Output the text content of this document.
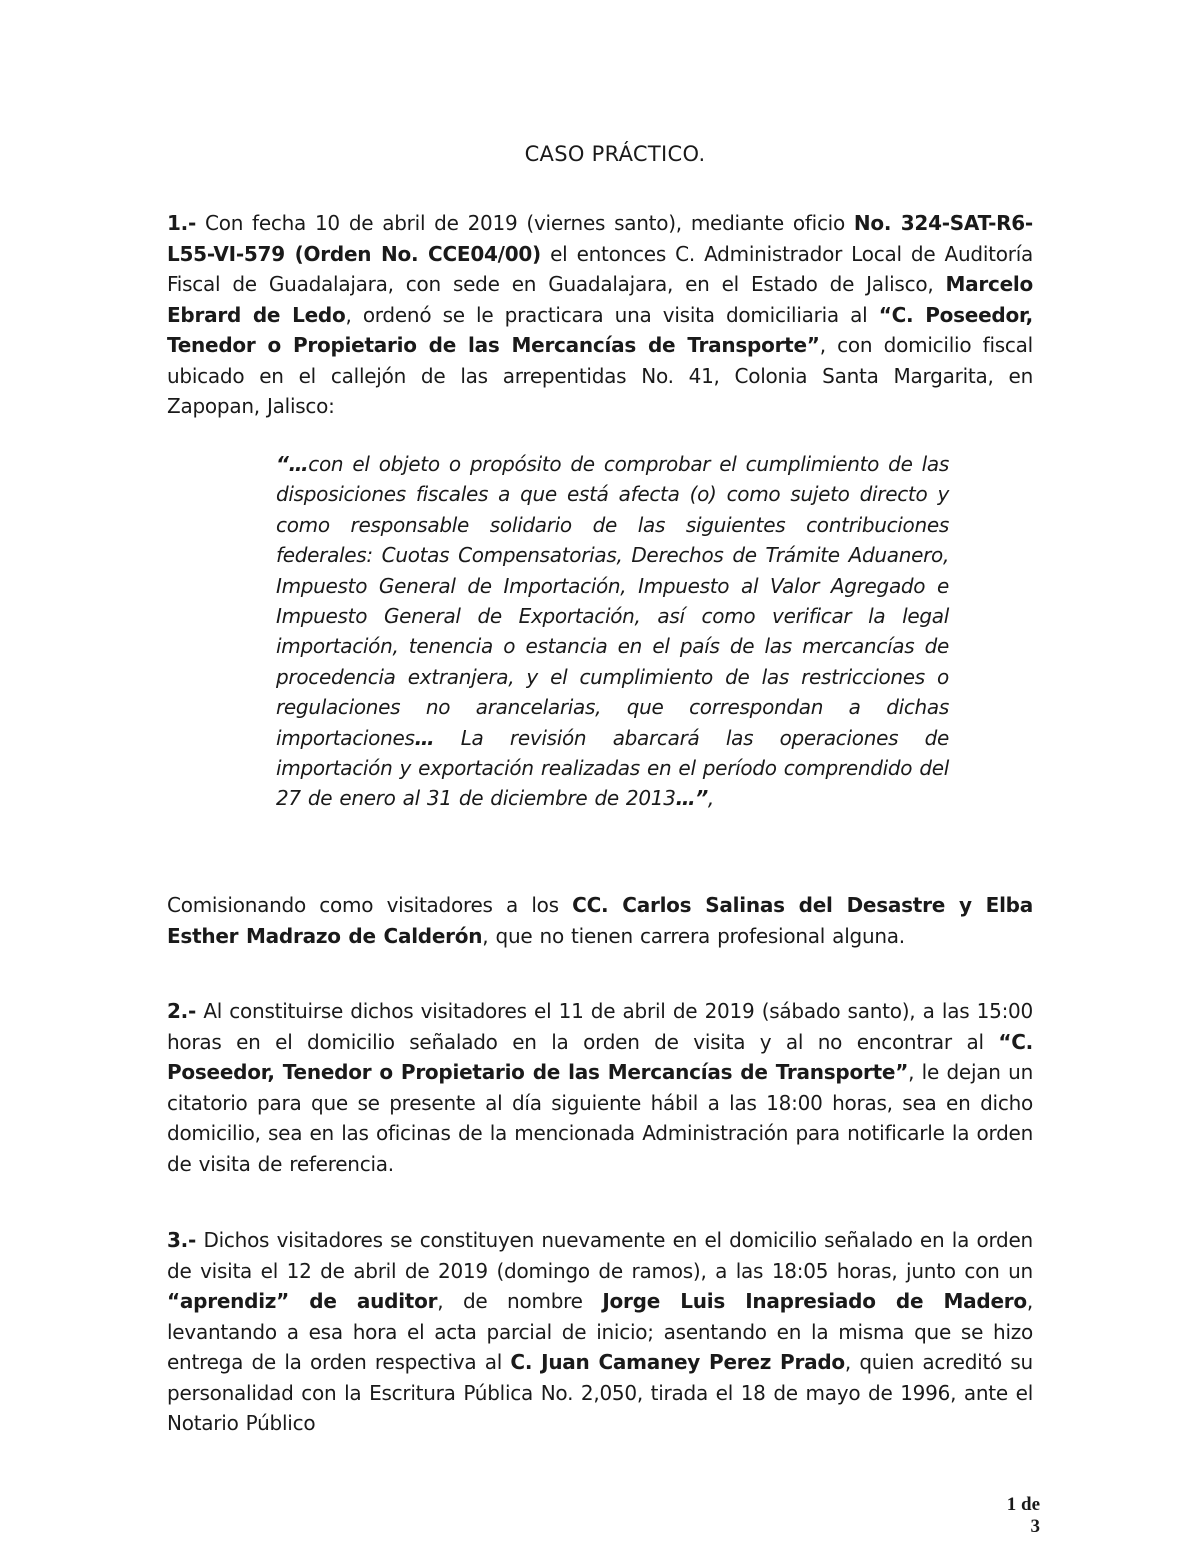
CASO PRÁCTICO.

1.- Con fecha 10 de abril de 2019 (viernes santo), mediante oficio No. 324-SAT-R6-L55-VI-579 (Orden No. CCE04/00) el entonces C. Administrador Local de Auditoría Fiscal de Guadalajara, con sede en Guadalajara, en el Estado de Jalisco, Marcelo Ebrard de Ledo, ordenó se le practicara una visita domiciliaria al “C. Poseedor, Tenedor o Propietario de las Mercancías de Transporte”, con domicilio fiscal ubicado en el callejón de las arrepentidas No. 41, Colonia Santa Margarita, en Zapopan, Jalisco:

“…con el objeto o propósito de comprobar el cumplimiento de las disposiciones fiscales a que está afecta (o) como sujeto directo y como responsable solidario de las siguientes contribuciones federales: Cuotas Compensatorias, Derechos de Trámite Aduanero, Impuesto General de Importación, Impuesto al Valor Agregado e Impuesto General de Exportación, así como verificar la legal importación, tenencia o estancia en el país de las mercancías de procedencia extranjera, y el cumplimiento de las restricciones o regulaciones no arancelarias, que correspondan a dichas importaciones… La revisión abarcará las operaciones de importación y exportación realizadas en el período comprendido del 27 de enero al 31 de diciembre de 2013…”,

Comisionando como visitadores a los CC. Carlos Salinas del Desastre y Elba Esther Madrazo de Calderón, que no tienen carrera profesional alguna.

2.- Al constituirse dichos visitadores el 11 de abril de 2019 (sábado santo), a las 15:00 horas en el domicilio señalado en la orden de visita y al no encontrar al “C. Poseedor, Tenedor o Propietario de las Mercancías de Transporte”, le dejan un citatorio para que se presente al día siguiente hábil a las 18:00 horas, sea en dicho domicilio, sea en las oficinas de la mencionada Administración para notificarle la orden de visita de referencia.

3.- Dichos visitadores se constituyen nuevamente en el domicilio señalado en la orden de visita el 12 de abril de 2019 (domingo de ramos), a las 18:05 horas, junto con un “aprendiz” de auditor, de nombre Jorge Luis Inapresiado de Madero, levantando a esa hora el acta parcial de inicio; asentando en la misma que se hizo entrega de la orden respectiva al C. Juan Camaney Perez Prado, quien acreditó su personalidad con la Escritura Pública No. 2,050, tirada el 18 de mayo de 1996, ante el Notario Público

1 de 3
